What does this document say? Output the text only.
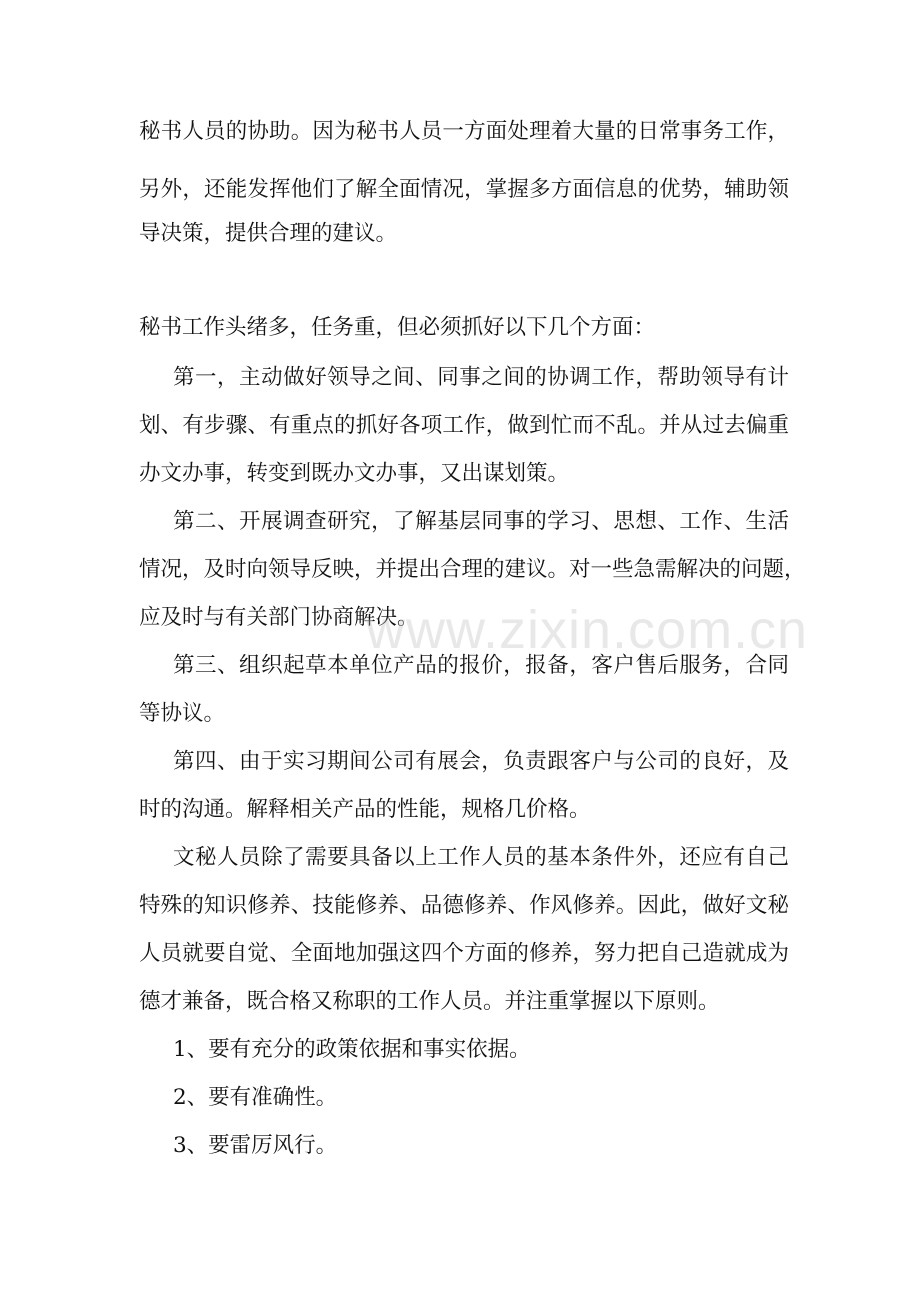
秘书人员的协助。因为秘书人员一方面处理着大量的日常事务工作，
另外，还能发挥他们了解全面情况，掌握多方面信息的优势，辅助领
导决策，提供合理的建议。
秘书工作头绪多，任务重，但必须抓好以下几个方面：
第一，主动做好领导之间、同事之间的协调工作，帮助领导有计
划、有步骤、有重点的抓好各项工作，做到忙而不乱。并从过去偏重
办文办事，转变到既办文办事，又出谋划策。
第二、开展调查研究，了解基层同事的学习、思想、工作、生活
情况，及时向领导反映，并提出合理的建议。对一些急需解决的问题，
应及时与有关部门协商解决。
第三、组织起草本单位产品的报价，报备，客户售后服务，合同
等协议。
第四、由于实习期间公司有展会，负责跟客户与公司的良好，及
时的沟通。解释相关产品的性能，规格几价格。
文秘人员除了需要具备以上工作人员的基本条件外，还应有自己
特殊的知识修养、技能修养、品德修养、作风修养。因此，做好文秘
人员就要自觉、全面地加强这四个方面的修养，努力把自己造就成为
德才兼备，既合格又称职的工作人员。并注重掌握以下原则。
1、要有充分的政策依据和事实依据。
2、要有准确性。
3、要雷厉风行。
www.zixin.com.cn
